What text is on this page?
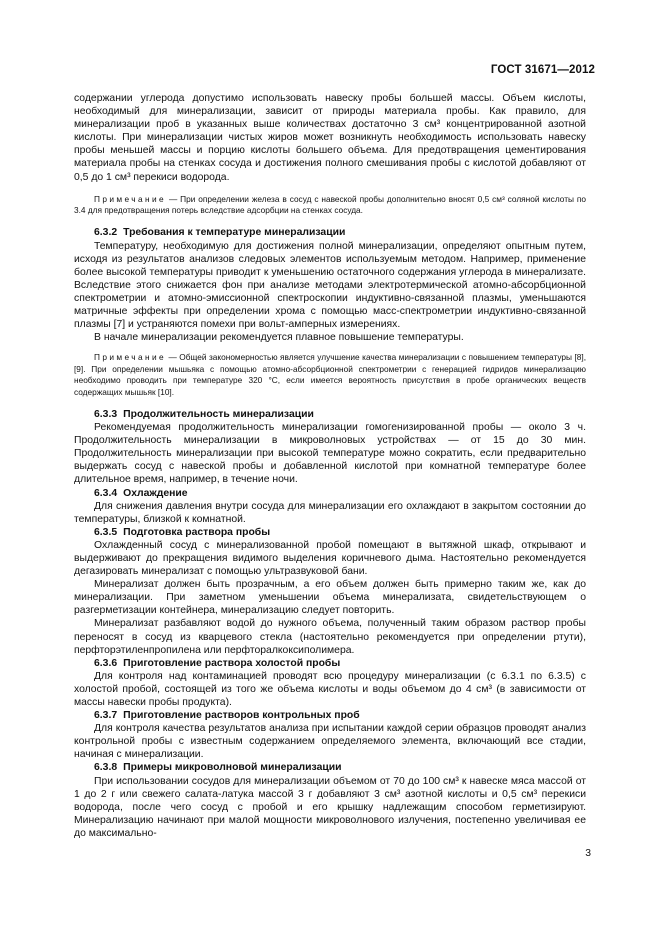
ГОСТ 31671—2012

содержании углерода допустимо использовать навеску пробы большей массы. Объем кислоты, необходимый для минерализации, зависит от природы материала пробы. Как правило, для минерализации проб в указанных выше количествах достаточно 3 см³ концентрированной азотной кислоты. При минерализации чистых жиров может возникнуть необходимость использовать навеску пробы меньшей массы и порцию кислоты большего объема. Для предотвращения цементирования материала пробы на стенках сосуда и достижения полного смешивания пробы с кислотой добавляют от 0,5 до 1 см³ перекиси водорода.

Примечание — При определении железа в сосуд с навеской пробы дополнительно вносят 0,5 см³ соляной кислоты по 3.4 для предотвращения потерь вследствие адсорбции на стенках сосуда.

6.3.2 Требования к температуре минерализации

Температуру, необходимую для достижения полной минерализации, определяют опытным путем, исходя из результатов анализов следовых элементов используемым методом. Например, применение более высокой температуры приводит к уменьшению остаточного содержания углерода в минерализате. Вследствие этого снижается фон при анализе методами электротермической атомно-абсорбционной спектрометрии и атомно-эмиссионной спектроскопии индуктивно-связанной плазмы, уменьшаются матричные эффекты при определении хрома с помощью масс-спектрометрии индуктивно-связанной плазмы [7] и устраняются помехи при вольт-амперных измерениях.

В начале минерализации рекомендуется плавное повышение температуры.

Примечание — Общей закономерностью является улучшение качества минерализации с повышением температуры [8], [9]. При определении мышьяка с помощью атомно-абсорбционной спектрометрии с генерацией гидридов минерализацию необходимо проводить при температуре 320 °С, если имеется вероятность присутствия в пробе органических веществ содержащих мышьяк [10].

6.3.3 Продолжительность минерализации

Рекомендуемая продолжительность минерализации гомогенизированной пробы — около 3 ч. Продолжительность минерализации в микроволновых устройствах — от 15 до 30 мин. Продолжительность минерализации при высокой температуре можно сократить, если предварительно выдержать сосуд с навеской пробы и добавленной кислотой при комнатной температуре более длительное время, например, в течение ночи.

6.3.4 Охлаждение

Для снижения давления внутри сосуда для минерализации его охлаждают в закрытом состоянии до температуры, близкой к комнатной.

6.3.5 Подготовка раствора пробы

Охлажденный сосуд с минерализованной пробой помещают в вытяжной шкаф, открывают и выдерживают до прекращения видимого выделения коричневого дыма. Настоятельно рекомендуется дегазировать минерализат с помощью ультразвуковой бани.

Минерализат должен быть прозрачным, а его объем должен быть примерно таким же, как до минерализации. При заметном уменьшении объема минерализата, свидетельствующем о разгерметизации контейнера, минерализацию следует повторить.

Минерализат разбавляют водой до нужного объема, полученный таким образом раствор пробы переносят в сосуд из кварцевого стекла (настоятельно рекомендуется при определении ртути), перфторэтиленпропилена или перфторалкоксиполимера.

6.3.6 Приготовление раствора холостой пробы

Для контроля над контаминацией проводят всю процедуру минерализации (с 6.3.1 по 6.3.5) с холостой пробой, состоящей из того же объема кислоты и воды объемом до 4 см³ (в зависимости от массы навески пробы продукта).

6.3.7 Приготовление растворов контрольных проб

Для контроля качества результатов анализа при испытании каждой серии образцов проводят анализ контрольной пробы с известным содержанием определяемого элемента, включающий все стадии, начиная с минерализации.

6.3.8 Примеры микроволновой минерализации

При использовании сосудов для минерализации объемом от 70 до 100 см³ к навеске мяса массой от 1 до 2 г или свежего салата-латука массой 3 г добавляют 3 см³ азотной кислоты и 0,5 см³ перекиси водорода, после чего сосуд с пробой и его крышку надлежащим способом герметизируют. Минерализацию начинают при малой мощности микроволнового излучения, постепенно увеличивая ее до максимально-

3
